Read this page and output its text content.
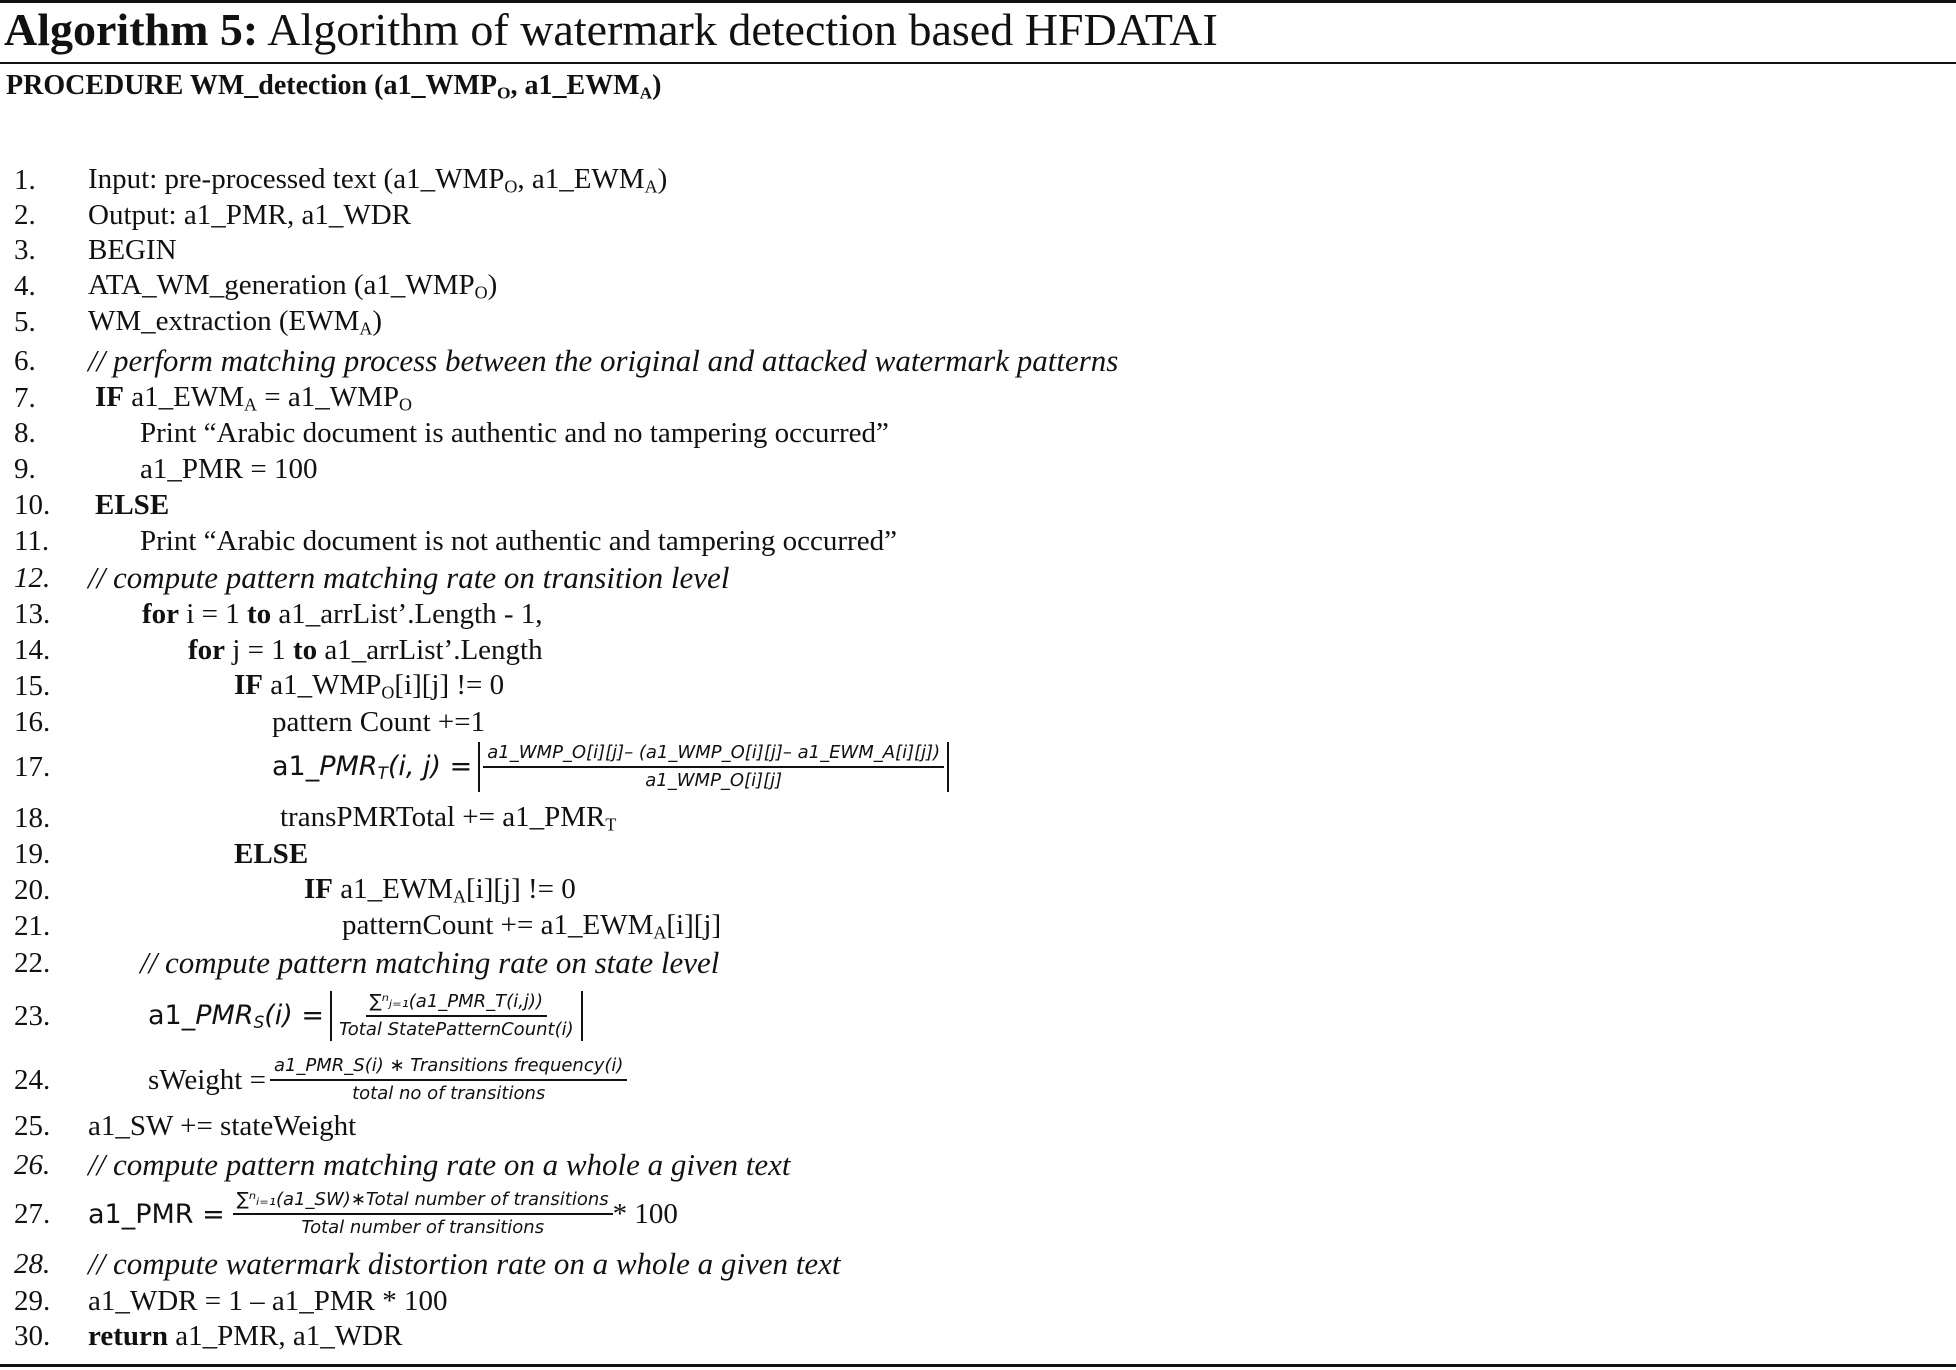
Algorithm 5: Algorithm of watermark detection based HFDATAI
PROCEDURE WM_detection ($a1\_WMP_O$, $a1\_EWM_A$)
1.	Input: pre-processed text ($a1\_WMP_O$, $a1\_EWM_A$)
2.	Output: a1_PMR, a1_WDR
3.	BEGIN
4.	ATA_WM_generation $(a1\_WMP_O)$
5.	WM_extraction $(EWM_A)$
6.	// perform matching process between the original and attacked watermark patterns
7.	IF $a1\_EWM_A$ = $a1\_WMP_O$
8.	Print “Arabic document is authentic and no tampering occurred”
9.	a1_PMR = 100
10.	ELSE
11.	Print “Arabic document is not authentic and tampering occurred”
12.	// compute pattern matching rate on transition level
13.	for i = 1 to a1_arrList’.Length - 1,
14.	for j = 1 to a1_arrList’.Length
15.	IF $a1\_WMP_O[i][j]$ != 0
16.	pattern Count +=1
17.	$a1\_PMR_T(i$, $j) = \frac{\text{a1\_WMP\_O[i][j]– (a1\_WMP\_O[i][j]– a1\_EWM\_A[i][j])}}{\text{a1\_WMP\_O[i][j]}}$
18.	transPMRTotal += $a1\_PMR_T$
19.	ELSE
20.	IF $a1\_EWM_A[i][j]$ != 0
21.	patternCount += $a1\_EWM_A[i][j]$
22.	// compute pattern matching rate on state level
23.	$a1\_PMR_S(i) = \frac{\text{∑ⁿⱼ₌₁(a1\_PMR\_T(i,j))}}{\text{Total StatePatternCount(i)}}$
24.	sWeight = $\frac{\text{a1\_PMR\_S(i) ∗ Transitions frequency(i)}}{\text{total no of transitions}}$
25.	a1_SW += stateWeight
26.	// compute pattern matching rate on a whole a given text
27.	a1_PMR = $\frac{\text{∑ⁿᵢ₌₁(a1\_SW)∗Total number of transitions}}{\text{Total number of transitions}} * 100$
28.	// compute watermark distortion rate on a whole a given text
29.	a1_WDR = 1 – a1_PMR * 100
30.	return a1_PMR, a1_WDR
